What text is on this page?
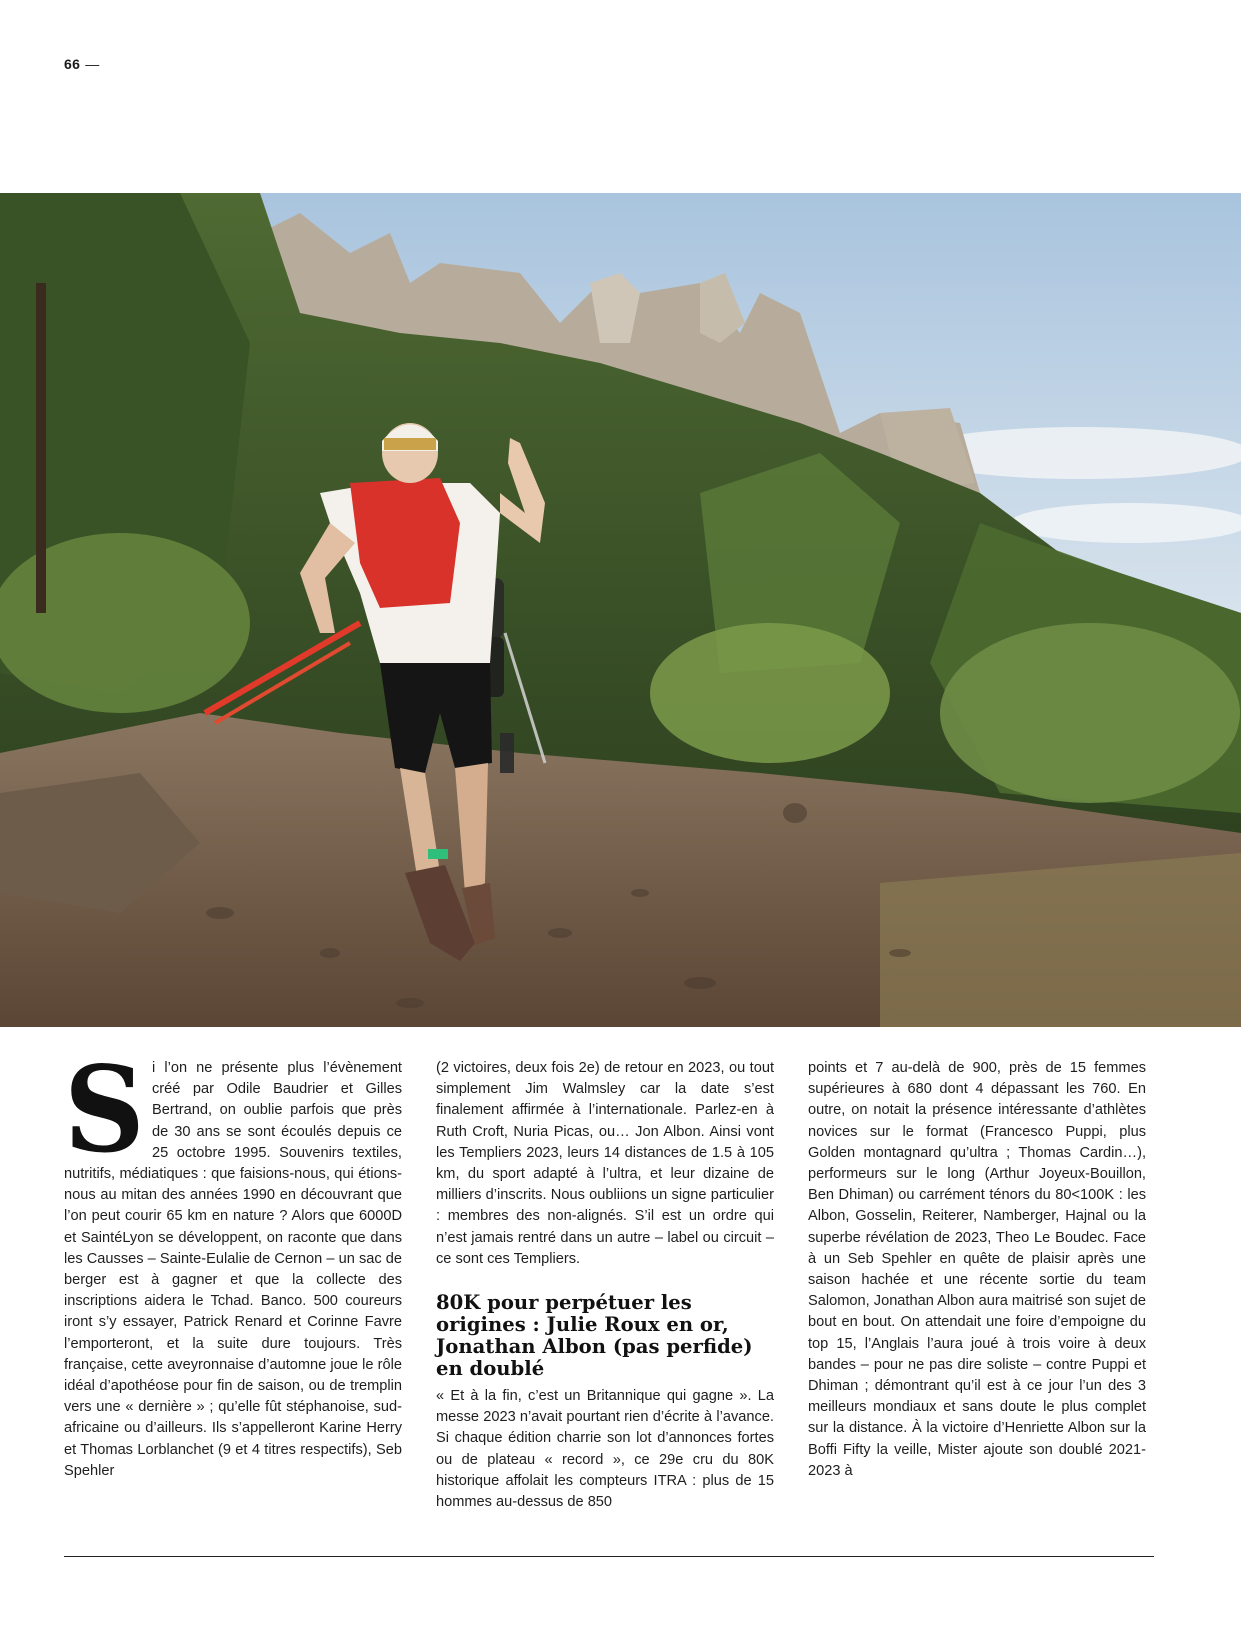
66 —

Si l’on ne présente plus l’évènement créé par Odile Baudrier et Gilles Bertrand, on oublie parfois que près de 30 ans se sont écoulés depuis ce 25 octobre 1995. Souvenirs textiles, nutritifs, médiatiques : que faisions-nous, qui étions-nous au mitan des années 1990 en découvrant que l’on peut courir 65 km en nature ? Alors que 6000D et SaintéLyon se développent, on raconte que dans les Causses – Sainte-Eulalie de Cernon – un sac de berger est à gagner et que la collecte des inscriptions aidera le Tchad. Banco. 500 coureurs iront s’y essayer, Patrick Renard et Corinne Favre l’emporteront, et la suite dure toujours. Très française, cette aveyronnaise d’automne joue le rôle idéal d’apothéose pour fin de saison, ou de tremplin vers une « dernière » ; qu’elle fût stéphanoise, sud-africaine ou d’ailleurs. Ils s’appelleront Karine Herry et Thomas Lorblanchet (9 et 4 titres respectifs), Seb Spehler

(2 victoires, deux fois 2e) de retour en 2023, ou tout simplement Jim Walmsley car la date s’est finalement affirmée à l’internationale. Parlez-en à Ruth Croft, Nuria Picas, ou… Jon Albon. Ainsi vont les Templiers 2023, leurs 14 distances de 1.5 à 105 km, du sport adapté à l’ultra, et leur dizaine de milliers d’inscrits. Nous oubliions un signe particulier : membres des non-alignés. S’il est un ordre qui n’est jamais rentré dans un autre – label ou circuit – ce sont ces Templiers.

80K pour perpétuer les origines : Julie Roux en or, Jonathan Albon (pas perfide) en doublé

« Et à la fin, c’est un Britannique qui gagne ». La messe 2023 n’avait pourtant rien d’écrite à l’avance. Si chaque édition charrie son lot d’annonces fortes ou de plateau « record », ce 29e cru du 80K historique affolait les compteurs ITRA : plus de 15 hommes au-dessus de 850

points et 7 au-delà de 900, près de 15 femmes supérieures à 680 dont 4 dépassant les 760. En outre, on notait la présence intéressante d’athlètes novices sur le format (Francesco Puppi, plus Golden montagnard qu’ultra ; Thomas Cardin…), performeurs sur le long (Arthur Joyeux-Bouillon, Ben Dhiman) ou carrément ténors du 80<100K : les Albon, Gosselin, Reiterer, Namberger, Hajnal ou la superbe révélation de 2023, Theo Le Boudec. Face à un Seb Spehler en quête de plaisir après une saison hachée et une récente sortie du team Salomon, Jonathan Albon aura maitrisé son sujet de bout en bout. On attendait une foire d’empoigne du top 15, l’Anglais l’aura joué à trois voire à deux bandes – pour ne pas dire soliste – contre Puppi et Dhiman ; démontrant qu’il est à ce jour l’un des 3 meilleurs mondiaux et sans doute le plus complet sur la distance. À la victoire d’Henriette Albon sur la Boffi Fifty la veille, Mister ajoute son doublé 2021-2023 à
